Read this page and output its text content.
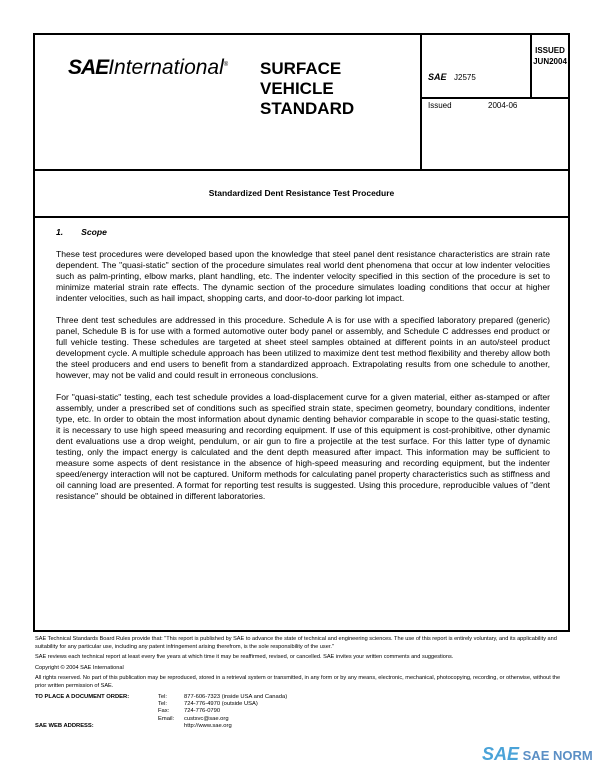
SAEInternational®	SURFACE
VEHICLE
STANDARD
SAE J2575
ISSUED
JUN2004
Issued	2004-06
Standardized Dent Resistance Test Procedure
1. Scope

These test procedures were developed based upon the knowledge that steel panel dent resistance characteristics are strain rate dependent. The "quasi-static" section of the procedure simulates real world dent phenomena that occur at low indenter velocities such as palm-printing, elbow marks, plant handling, etc. The indenter velocity specified in this section of the procedure is set to minimize material strain rate effects. The dynamic section of the procedure simulates loading conditions that occur at higher indenter velocities, such as hail impact, shopping carts, and door-to-door parking lot impact.

Three dent test schedules are addressed in this procedure. Schedule A is for use with a specified laboratory prepared (generic) panel, Schedule B is for use with a formed automotive outer body panel or assembly, and Schedule C addresses end product or full vehicle testing. These schedules are targeted at sheet steel samples obtained at different points in an auto/steel product development cycle. A multiple schedule approach has been utilized to maximize dent test method flexibility and thereby allow both the steel producers and end users to benefit from a standardized approach. Extrapolating results from one schedule to another, however, may not be valid and could result in erroneous conclusions.

For "quasi-static" testing, each test schedule provides a load-displacement curve for a given material, either as-stamped or after assembly, under a prescribed set of conditions such as specified strain state, specimen geometry, boundary conditions, indenter type, etc. In order to obtain the most information about dynamic denting behavior comparable in scope to the quasi-static testing, it is necessary to use high speed measuring and recording equipment. If use of this equipment is cost-prohibitive, other dynamic dent evaluations use a drop weight, pendulum, or air gun to fire a projectile at the test surface. For this latter type of dynamic testing, only the impact energy is calculated and the dent depth measured after impact. This information may be sufficient to measure some aspects of dent resistance in the absence of high-speed measuring and recording equipment, but the indenter speed/energy interaction will not be captured. Uniform methods for calculating panel property characteristics such as stiffness and oil canning load are presented. A format for reporting test results is suggested. Using this procedure, reproducible values of "dent resistance" should be obtained in different laboratories.

SAE Technical Standards Board Rules provide that: "This report is published by SAE to advance the state of technical and engineering sciences. The use of this report is entirely voluntary, and its applicability and suitability for any particular use, including any patent infringement arising therefrom, is the sole responsibility of the user."

SAE reviews each technical report at least every five years at which time it may be reaffirmed, revised, or cancelled. SAE invites your written comments and suggestions.

Copyright © 2004 SAE International

All rights reserved. No part of this publication may be reproduced, stored in a retrieval system or transmitted, in any form or by any means, electronic, mechanical, photocopying, recording, or otherwise, without the prior written permission of SAE.

TO PLACE A DOCUMENT ORDER:	Tel:	877-606-7323 (inside USA and Canada)
Tel:	724-776-4970 (outside USA)
Fax:	724-776-0790
Email:	custsvc@sae.org
SAE WEB ADDRESS:	http://www.sae.org
SAE SAE NORM
